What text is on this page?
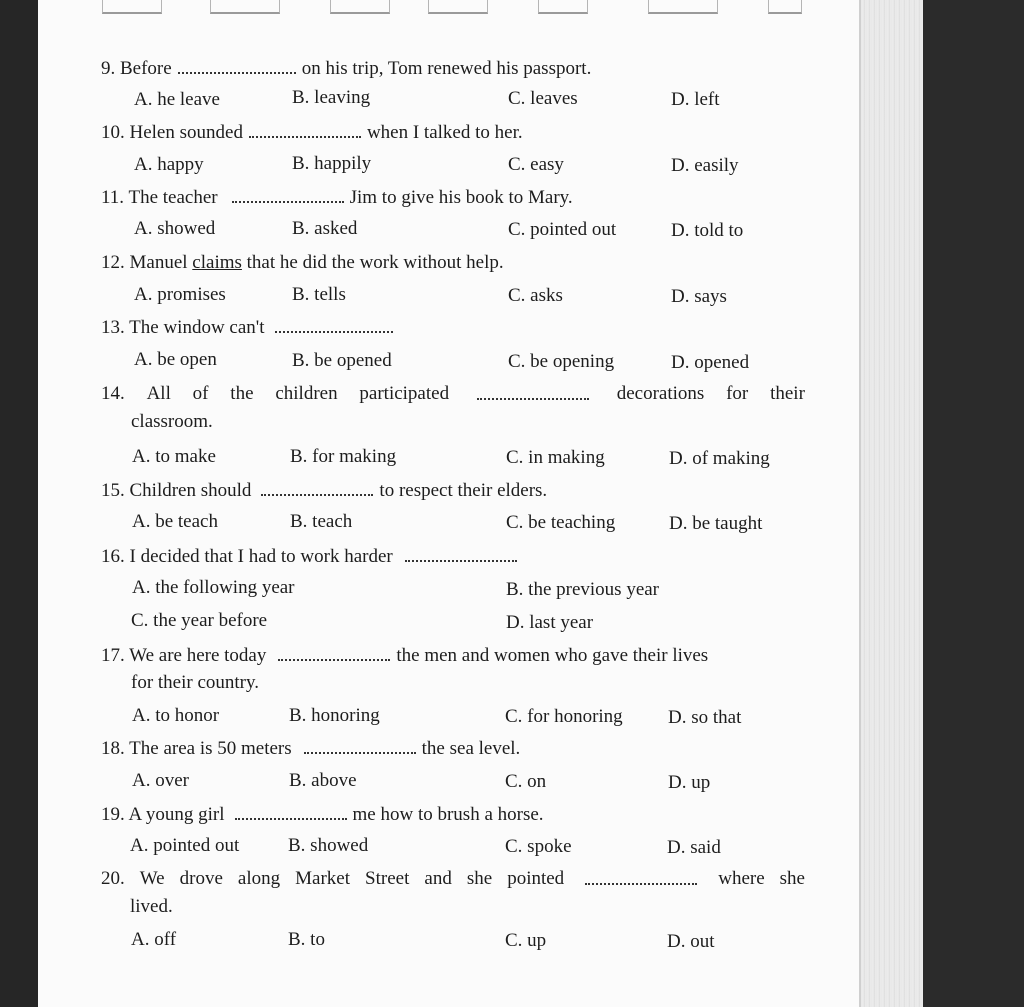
9. Before	on his trip, Tom renewed his passport.
A. he leave	B. leaving	C. leaves	D. left
10. Helen sounded	when I talked to her.
A. happy	B. happily	C. easy	D. easily
11. The teacher	Jim to give his book to Mary.
A. showed	B. asked	C. pointed out	D. told to
12. Manuel claims that he did the work without help.
A. promises	B. tells	C. asks	D. says
13. The window can't
A. be open	B. be opened	C. be opening	D. opened
14. All of the children participated	decorations for their
classroom.
A. to make	B. for making	C. in making	D. of making
15. Children should	to respect their elders.
A. be teach	B. teach	C. be teaching	D. be taught
16. I decided that I had to work harder
A. the following year	B. the previous year
C. the year before	D. last year
17. We are here today	the men and women who gave their lives
for their country.
A. to honor	B. honoring	C. for honoring D. so that
18. The area is 50 meters	the sea level.
A. over	B. above	C. on	D. up
19. A young girl	me how to brush a horse.
A. pointed out	B. showed	C. spoke	D. said
20. We drove along Market Street and she pointed	where she
lived.
A. off	B. to	C. up	D. out
